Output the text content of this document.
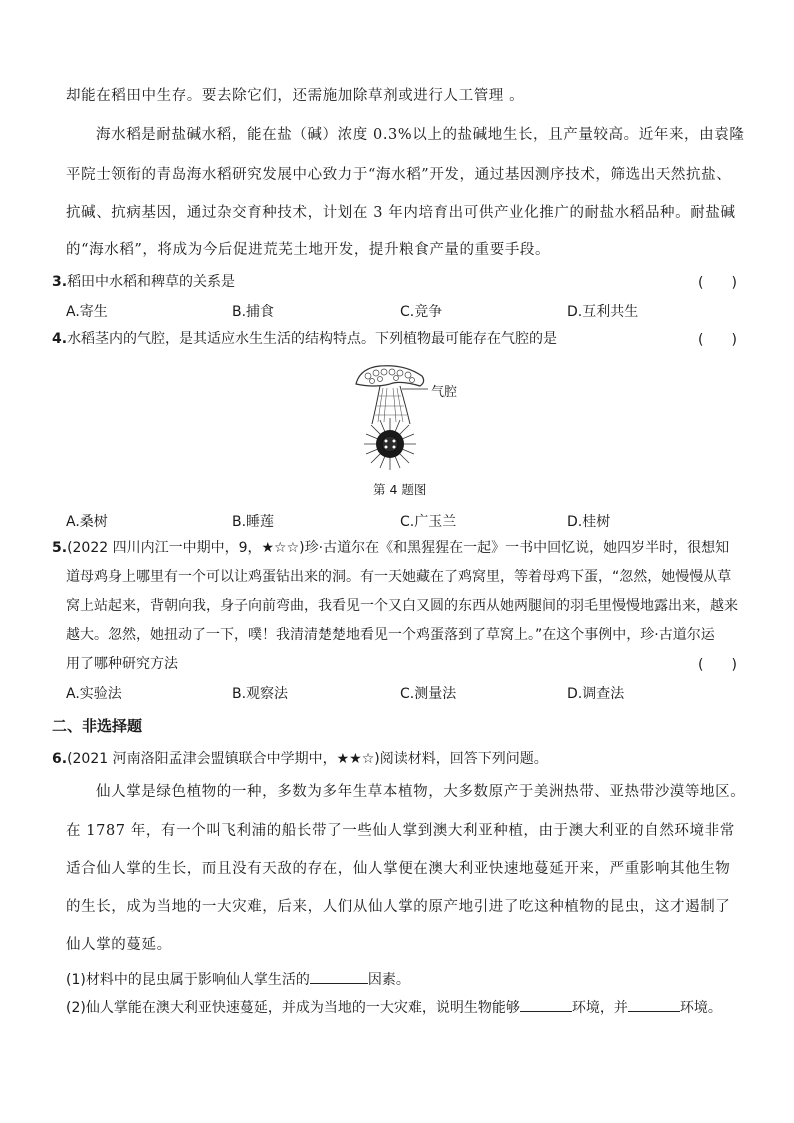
却能在稻田中生存。要去除它们，还需施加除草剂或进行人工管理 。
海水稻是耐盐碱水稻，能在盐（碱）浓度 0.3%以上的盐碱地生长，且产量较高。近年来，由袁隆
平院士领衔的青岛海水稻研究发展中心致力于“海水稻”开发，通过基因测序技术，筛选出天然抗盐、
抗碱、抗病基因，通过杂交育种技术，计划在 3 年内培育出可供产业化推广的耐盐水稻品种。耐盐碱
的“海水稻”，将成为今后促进荒芜土地开发，提升粮食产量的重要手段。
3.稻田中水稻和稗草的关系是	(　　)
A.寄生	B.捕食	C.竞争	D.互利共生
4.水稻茎内的气腔，是其适应水生生活的结构特点。下列植物最可能存在气腔的是	(　　)
气腔
第 4 题图
A.桑树	B.睡莲	C.广玉兰	D.桂树
5.(2022 四川内江一中期中，9，★☆☆)珍·古道尔在《和黑猩猩在一起》一书中回忆说，她四岁半时，很想知
道母鸡身上哪里有一个可以让鸡蛋钻出来的洞。有一天她藏在了鸡窝里，等着母鸡下蛋，“忽然，她慢慢从草
窝上站起来，背朝向我，身子向前弯曲，我看见一个又白又圆的东西从她两腿间的羽毛里慢慢地露出来，越来
越大。忽然，她扭动了一下，噗！我清清楚楚地看见一个鸡蛋落到了草窝上。”在这个事例中，珍·古道尔运
用了哪种研究方法	(　　)
A.实验法	B.观察法	C.测量法	D.调查法
二、非选择题
6.(2021 河南洛阳孟津会盟镇联合中学期中，★★☆)阅读材料，回答下列问题。
仙人掌是绿色植物的一种，多数为多年生草本植物，大多数原产于美洲热带、亚热带沙漠等地区。
在 1787 年，有一个叫飞利浦的船长带了一些仙人掌到澳大利亚种植，由于澳大利亚的自然环境非常
适合仙人掌的生长，而且没有天敌的存在，仙人掌便在澳大利亚快速地蔓延开来，严重影响其他生物
的生长，成为当地的一大灾难，后来，人们从仙人掌的原产地引进了吃这种植物的昆虫，这才遏制了
仙人掌的蔓延。
(1)材料中的昆虫属于影响仙人掌生活的	因素。
(2)仙人掌能在澳大利亚快速蔓延，并成为当地的一大灾难，说明生物能够	环境，并	环境。
